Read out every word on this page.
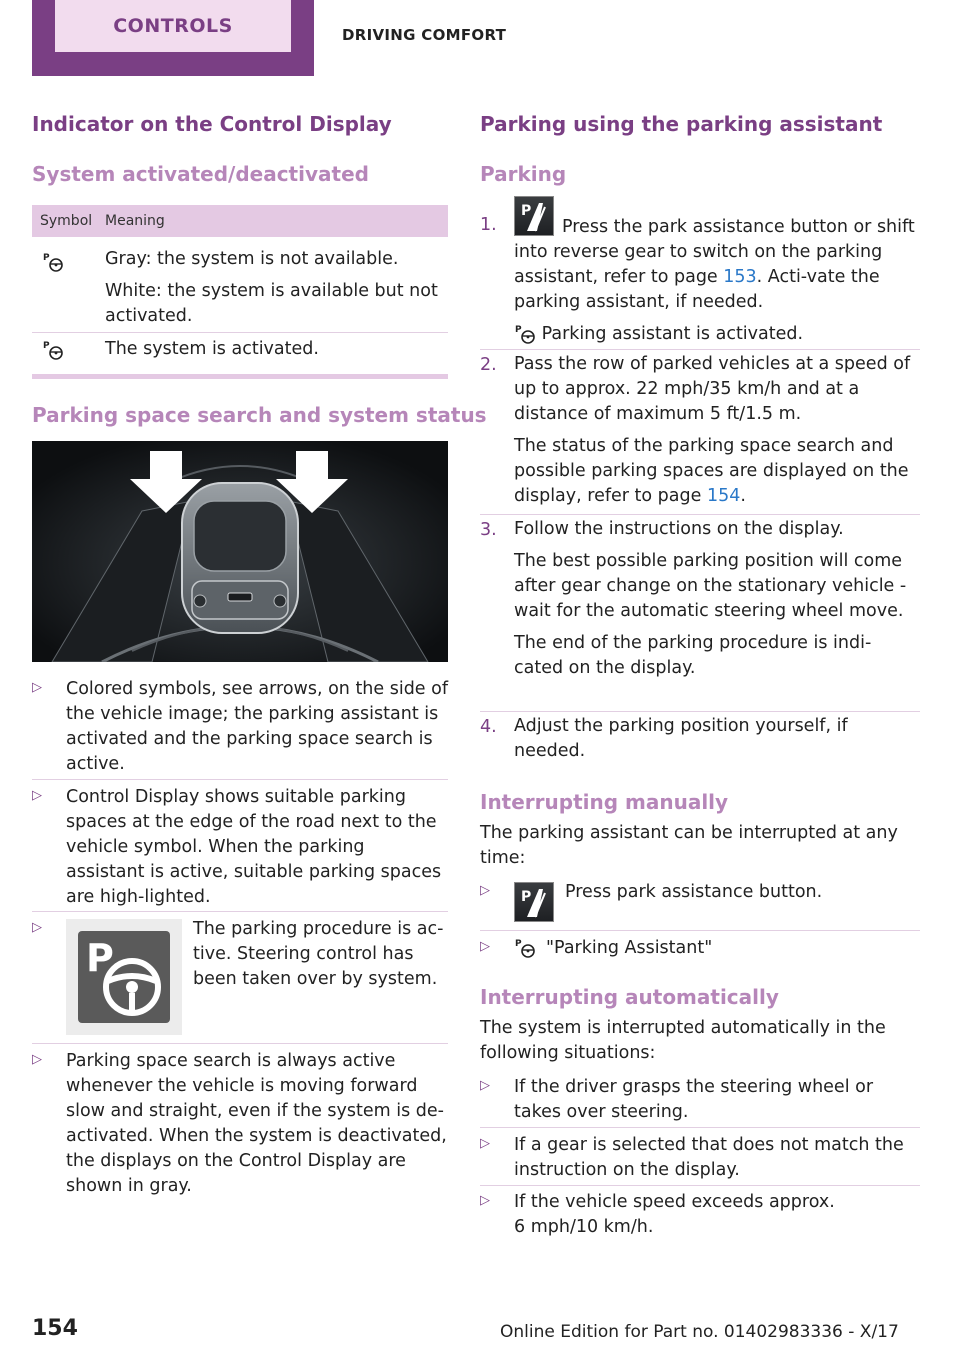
CONTROLS	DRIVING COMFORT
Indicator on the Control Display
System activated/deactivated
Symbol Meaning
P	Gray: the system is not available.
White: the system is available but not activated.
P	The system is activated.
Parking space search and system status
▷ Colored symbols, see arrows, on the side of the vehicle image; the parking assistant is activated and the parking space search is active.
▷ Control Display shows suitable parking spaces at the edge of the road next to the vehicle symbol. When the parking assistant is active, suitable parking spaces are high‐lighted.
▷
P
The parking procedure is ac‐tive. Steering control has been taken over by system.
▷ Parking space search is always active whenever the vehicle is moving forward slow and straight, even if the system is de‐activated. When the system is deactivated, the displays on the Control Display are shown in gray.
Parking using the parking assistant
Parking
1.
P
Press the park assistance button or shift into reverse gear to switch on the parking assistant, refer to page 153. Acti‐vate the parking assistant, if needed.
P Parking assistant is activated.
2. Pass the row of parked vehicles at a speed of up to approx. 22 mph/35 km/h and at a distance of maximum 5 ft/1.5 m.
The status of the parking space search and possible parking spaces are displayed on the display, refer to page 154.
3. Follow the instructions on the display.
The best possible parking position will come after gear change on the stationary vehicle - wait for the automatic steering wheel move.
The end of the parking procedure is indi‐cated on the display.
4. Adjust the parking position yourself, if needed.
Interrupting manually
The parking assistant can be interrupted at any time:
▷ P Press park assistance button.
▷	P "Parking Assistant"
Interrupting automatically
The system is interrupted automatically in the following situations:
▷ If the driver grasps the steering wheel or takes over steering.
▷ If a gear is selected that does not match the instruction on the display.
▷ If the vehicle speed exceeds approx. 6 mph/10 km/h.
154	Online Edition for Part no. 01402983336 - X/17
